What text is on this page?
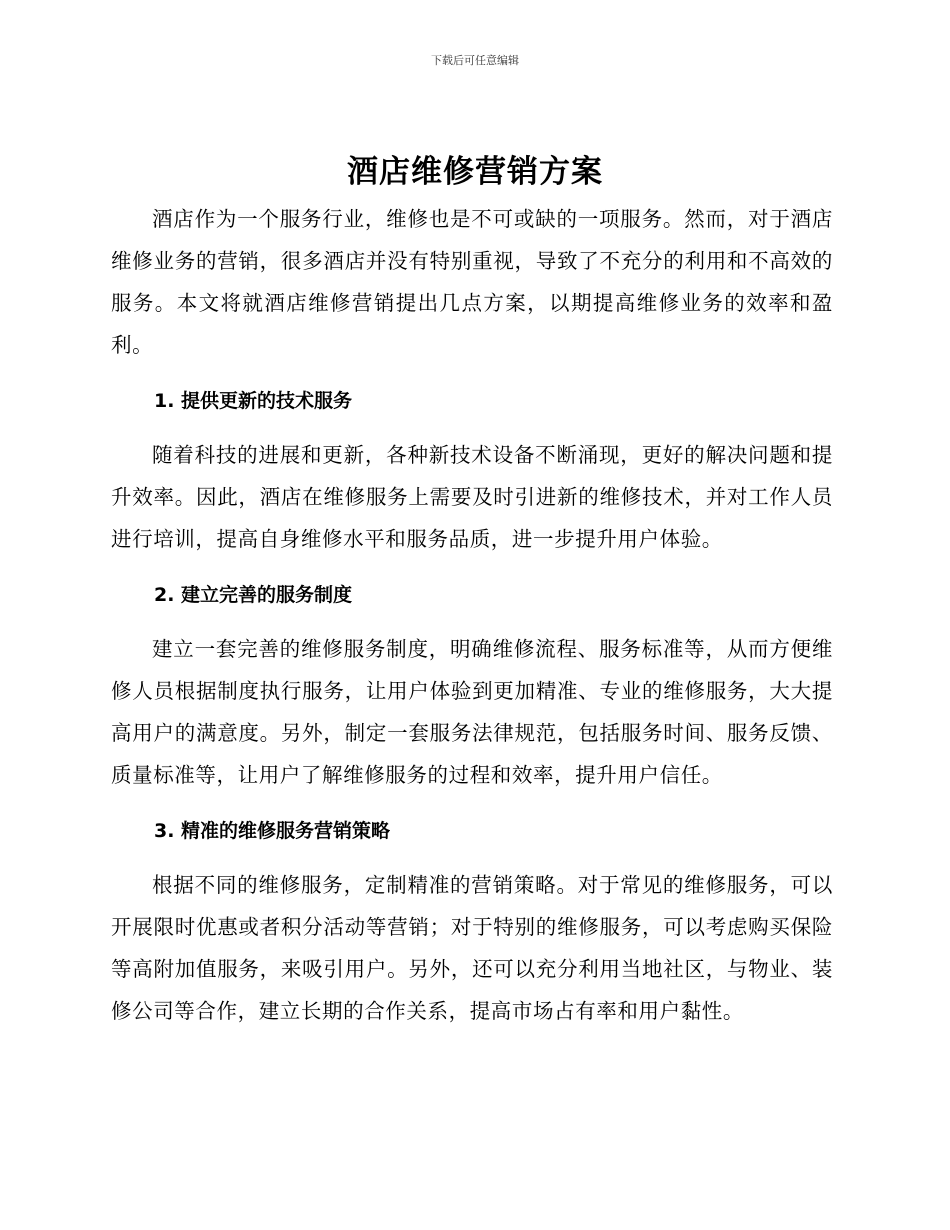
下载后可任意编辑
酒店维修营销方案

酒店作为一个服务行业，维修也是不可或缺的一项服务。然而，对于酒店维修业务的营销，很多酒店并没有特别重视，导致了不充分的利用和不高效的服务。本文将就酒店维修营销提出几点方案，以期提高维修业务的效率和盈利。

1. 提供更新的技术服务

随着科技的进展和更新，各种新技术设备不断涌现，更好的解决问题和提升效率。因此，酒店在维修服务上需要及时引进新的维修技术，并对工作人员进行培训，提高自身维修水平和服务品质，进一步提升用户体验。

2. 建立完善的服务制度

建立一套完善的维修服务制度，明确维修流程、服务标准等，从而方便维修人员根据制度执行服务，让用户体验到更加精准、专业的维修服务，大大提高用户的满意度。另外，制定一套服务法律规范，包括服务时间、服务反馈、质量标准等，让用户了解维修服务的过程和效率，提升用户信任。

3. 精准的维修服务营销策略

根据不同的维修服务，定制精准的营销策略。对于常见的维修服务，可以开展限时优惠或者积分活动等营销；对于特别的维修服务，可以考虑购买保险等高附加值服务，来吸引用户。另外，还可以充分利用当地社区，与物业、装修公司等合作，建立长期的合作关系，提高市场占有率和用户黏性。
